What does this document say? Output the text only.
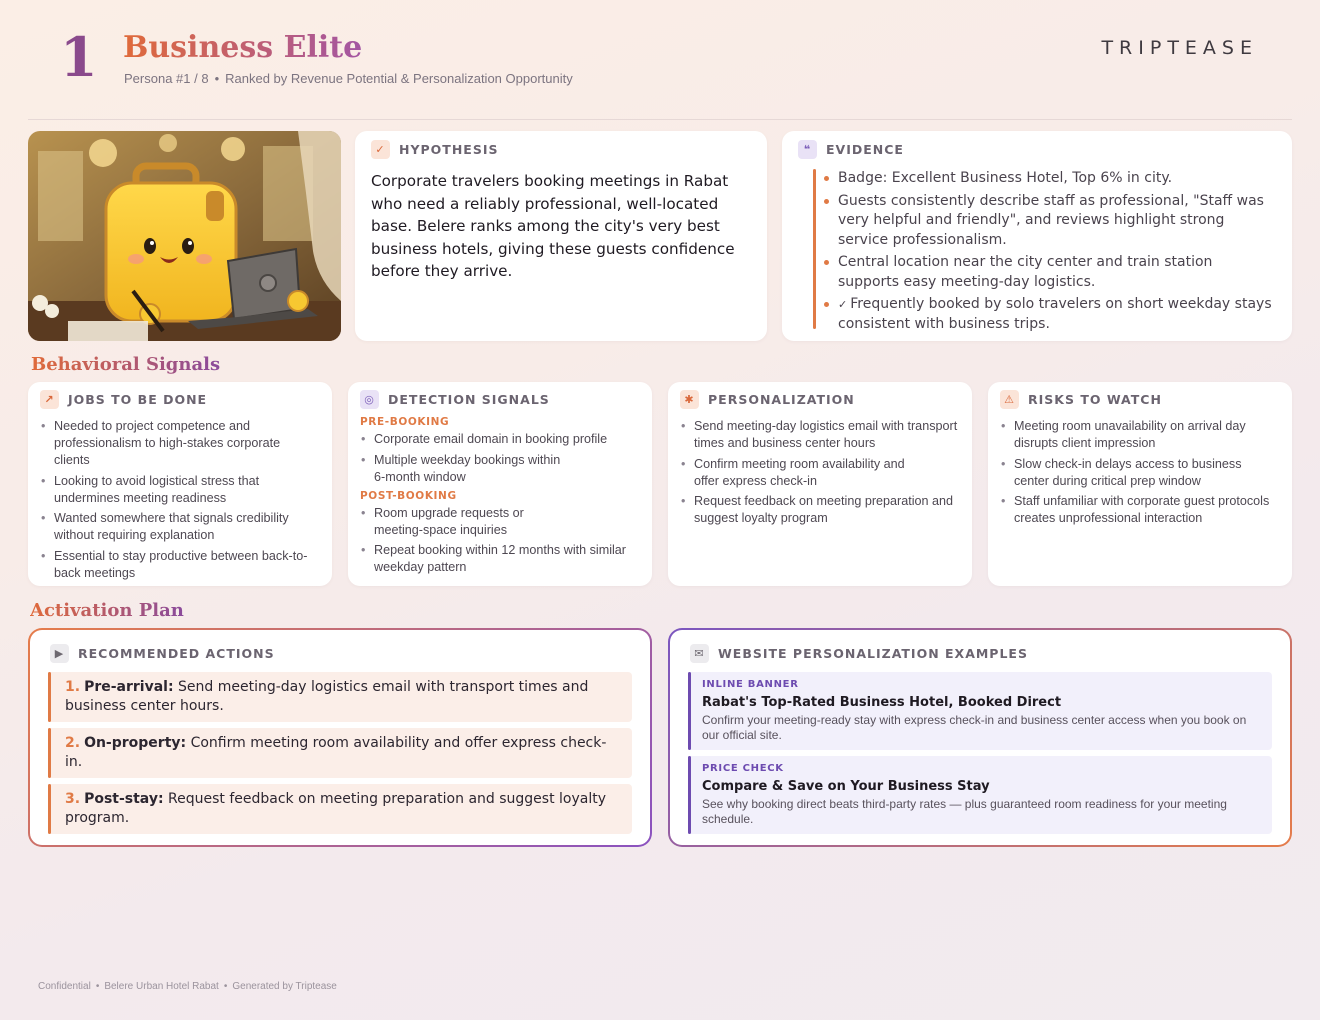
1 Business Elite
Persona #1 / 8 • Ranked by Revenue Potential & Personalization Opportunity
TRIPTEASE
✓	HYPOTHESIS
Corporate travelers booking meetings in Rabat who need a reliably professional, well-located base. Belere ranks among the city's very best business hotels, giving these guests confidence before they arrive.
❝	EVIDENCE
Badge: Excellent Business Hotel, Top 6% in city.
Guests consistently describe staff as professional, "Staff was very helpful and friendly", and reviews highlight strong service professionalism.
Central location near the city center and train station supports easy meeting-day logistics.
✓ Frequently booked by solo travelers on short weekday stays consistent with business trips.
Behavioral Signals
↗	JOBS TO BE DONE
• Needed to project competence and professionalism to high-stakes corporate clients
• Looking to avoid logistical stress that undermines meeting readiness
• Wanted somewhere that signals credibility without requiring explanation
• Essential to stay productive between back-to-back meetings
◎	DETECTION SIGNALS
PRE-BOOKING
• Corporate email domain in booking profile
• Multiple weekday bookings within 6-month window
POST-BOOKING
• Room upgrade requests or meeting-space inquiries
• Repeat booking within 12 months with similar weekday pattern
✱	PERSONALIZATION
• Send meeting-day logistics email with transport times and business center hours
• Confirm meeting room availability and offer express check-in
• Request feedback on meeting preparation and suggest loyalty program
⚠	RISKS TO WATCH
• Meeting room unavailability on arrival day disrupts client impression
• Slow check-in delays access to business center during critical prep window
• Staff unfamiliar with corporate guest protocols creates unprofessional interaction
Activation Plan
▶	RECOMMENDED ACTIONS
1. Pre-arrival: Send meeting-day logistics email with transport times and business center hours.
2. On-property: Confirm meeting room availability and offer express check-in.
3. Post-stay: Request feedback on meeting preparation and suggest loyalty program.
✉	WEBSITE PERSONALIZATION EXAMPLES
INLINE BANNER
Rabat's Top-Rated Business Hotel, Booked Direct
Confirm your meeting-ready stay with express check-in and business center access when you book on our official site.
PRICE CHECK
Compare & Save on Your Business Stay
See why booking direct beats third-party rates — plus guaranteed room readiness for your meeting schedule.
Confidential • Belere Urban Hotel Rabat • Generated by Triptease
